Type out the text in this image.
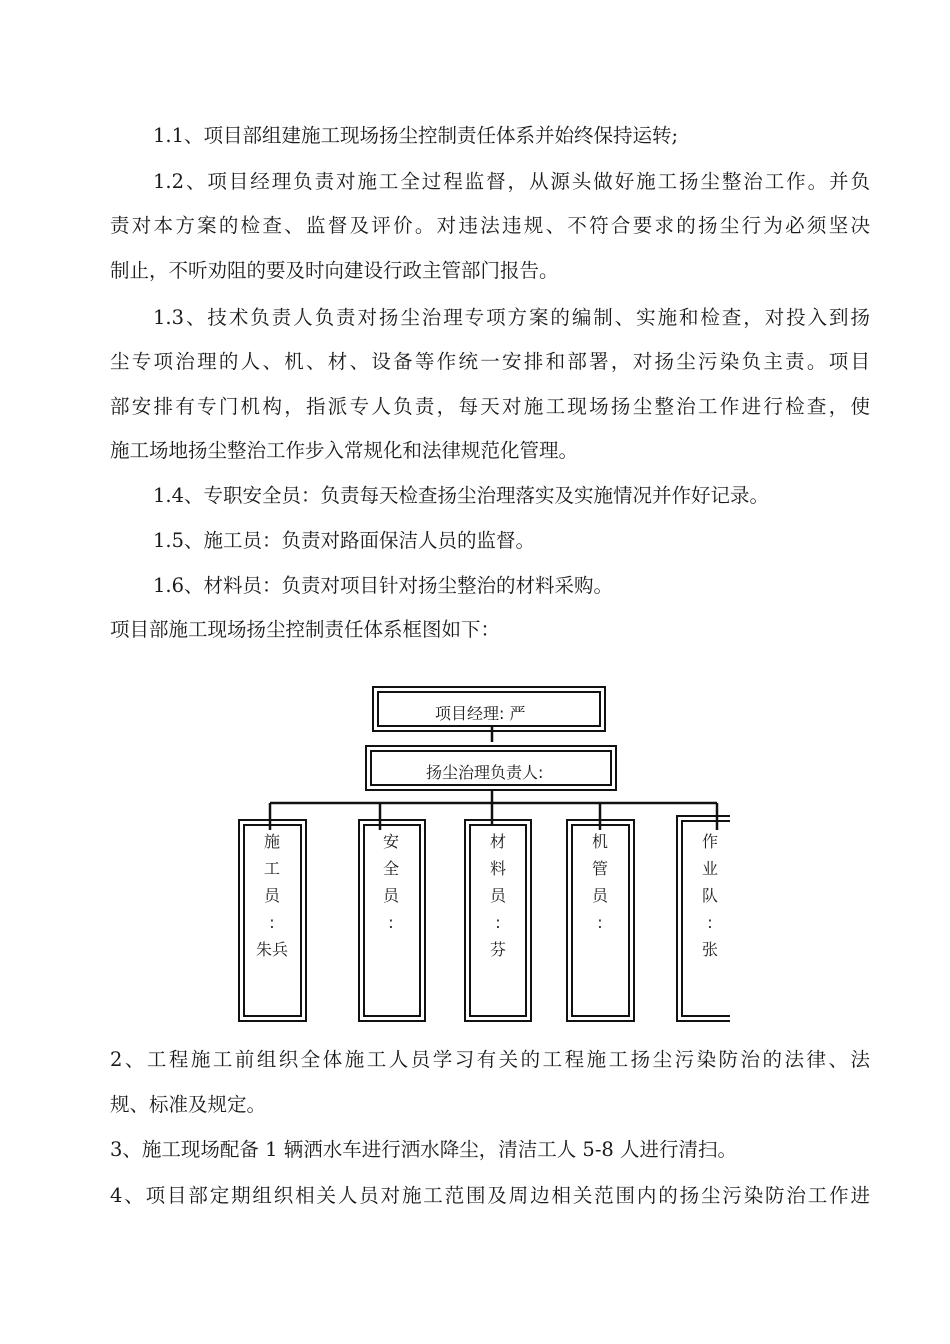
1.1、项目部组建施工现场扬尘控制责任体系并始终保持运转;
1.2、项目经理负责对施工全过程监督，从源头做好施工扬尘整治工作。并负
责对本方案的检查、监督及评价。对违法违规、不符合要求的扬尘行为必须坚决
制止，不听劝阻的要及时向建设行政主管部门报告。
1.3、技术负责人负责对扬尘治理专项方案的编制、实施和检查，对投入到扬
尘专项治理的人、机、材、设备等作统一安排和部署，对扬尘污染负主责。项目
部安排有专门机构，指派专人负责，每天对施工现场扬尘整治工作进行检查，使
施工场地扬尘整治工作步入常规化和法律规范化管理。
1.4、专职安全员：负责每天检查扬尘治理落实及实施情况并作好记录。
1.5、施工员：负责对路面保洁人员的监督。
1.6、材料员：负责对项目针对扬尘整治的材料采购。
项目部施工现场扬尘控制责任体系框图如下：
项目经理: 严
扬尘治理负责人:
施
工
员
:
朱兵
安
全
员
:
材
料
员
:
芬
机
管
员
:
作
业
队
:
张
2、工程施工前组织全体施工人员学习有关的工程施工扬尘污染防治的法律、法
规、标准及规定。
3、施工现场配备 1 辆洒水车进行洒水降尘，清洁工人 5-8 人进行清扫。
4、项目部定期组织相关人员对施工范围及周边相关范围内的扬尘污染防治工作进
